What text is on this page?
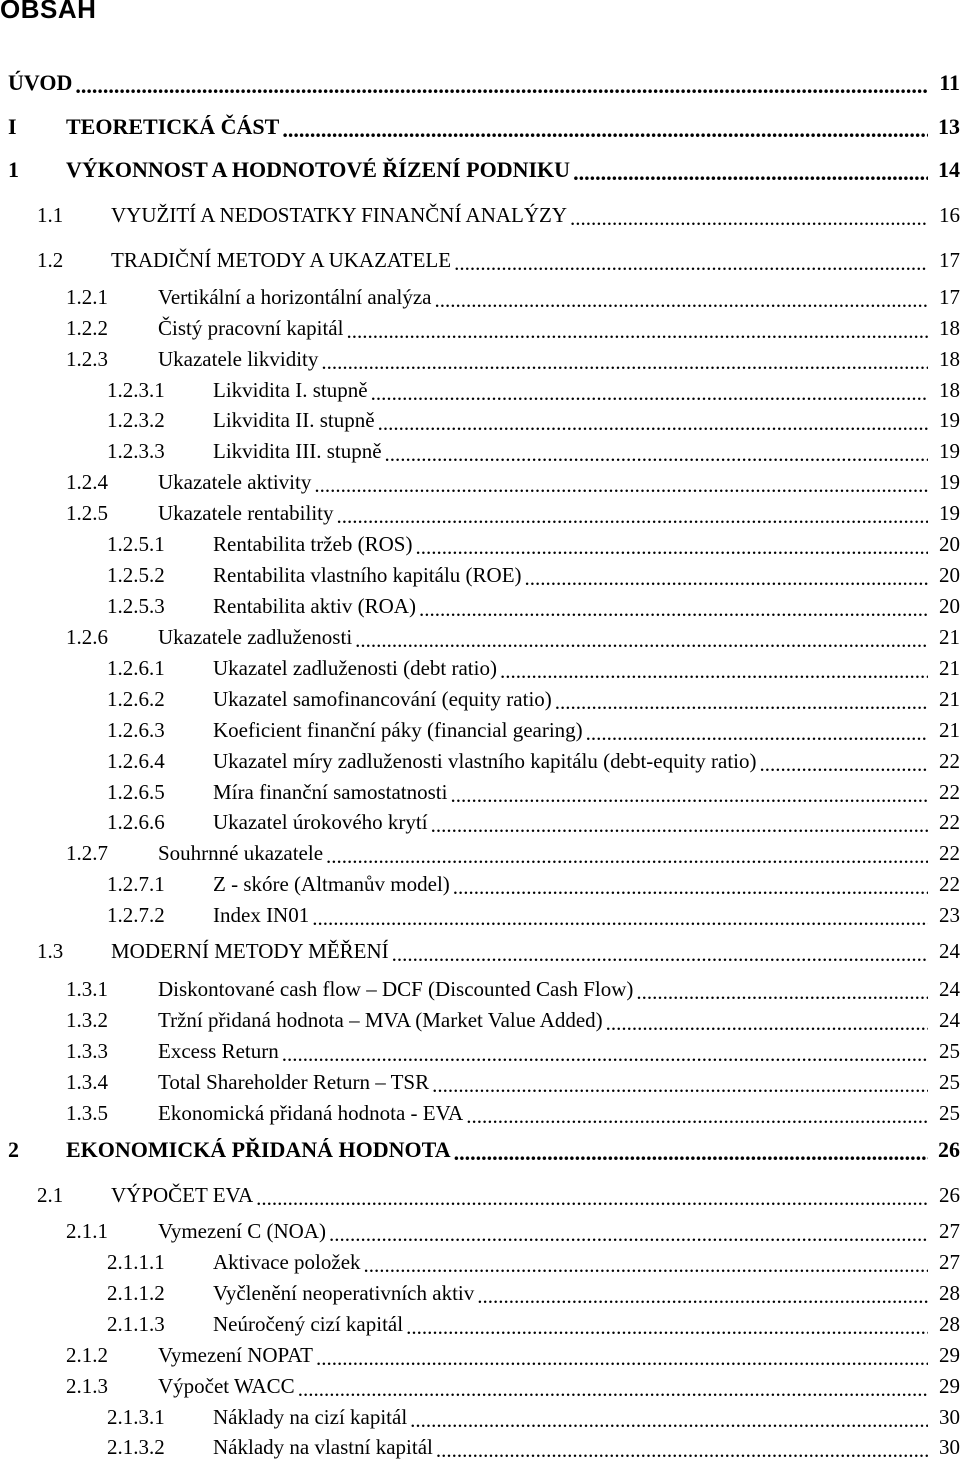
OBSAH
ÚVOD .....	11
I TEORETICKÁ ČÁST .....	13
1 VÝKONNOST A HODNOTOVÉ ŘÍZENÍ PODNIKU .....	14
1.1 VYUŽITÍ A NEDOSTATKY FINANČNÍ ANALÝZY .....	16
1.2 TRADIČNÍ METODY A UKAZATELE .....	17
1.2.1 Vertikální a horizontální analýza .....	17
1.2.2 Čistý pracovní kapitál .....	18
1.2.3 Ukazatele likvidity .....	18
1.2.3.1 Likvidita I. stupně .....	18
1.2.3.2 Likvidita II. stupně .....	19
1.2.3.3 Likvidita III. stupně .....	19
1.2.4 Ukazatele aktivity .....	19
1.2.5 Ukazatele rentability .....	19
1.2.5.1 Rentabilita tržeb (ROS) .....	20
1.2.5.2 Rentabilita vlastního kapitálu (ROE) .....	20
1.2.5.3 Rentabilita aktiv (ROA) .....	20
1.2.6 Ukazatele zadluženosti .....	21
1.2.6.1 Ukazatel zadluženosti (debt ratio) .....	21
1.2.6.2 Ukazatel samofinancování (equity ratio) .....	21
1.2.6.3 Koeficient finanční páky (financial gearing) .....	21
1.2.6.4 Ukazatel míry zadluženosti vlastního kapitálu (debt-equity ratio) .....	22
1.2.6.5 Míra finanční samostatnosti .....	22
1.2.6.6 Ukazatel úrokového krytí .....	22
1.2.7 Souhrnné ukazatele .....	22
1.2.7.1 Z - skóre (Altmanův model) .....	22
1.2.7.2 Index IN01 .....	23
1.3 MODERNÍ METODY MĚŘENÍ .....	24
1.3.1 Diskontované cash flow – DCF (Discounted Cash Flow) .....	24
1.3.2 Tržní přidaná hodnota – MVA (Market Value Added) .....	24
1.3.3 Excess Return .....	25
1.3.4 Total Shareholder Return – TSR .....	25
1.3.5 Ekonomická přidaná hodnota - EVA .....	25
2 EKONOMICKÁ PŘIDANÁ HODNOTA .....	26
2.1 VÝPOČET EVA .....	26
2.1.1 Vymezení C (NOA) .....	27
2.1.1.1 Aktivace položek .....	27
2.1.1.2 Vyčlenění neoperativních aktiv .....	28
2.1.1.3 Neúročený cizí kapitál .....	28
2.1.2 Vymezení NOPAT .....	29
2.1.3 Výpočet WACC .....	29
2.1.3.1 Náklady na cizí kapitál .....	30
2.1.3.2 Náklady na vlastní kapitál .....	30
